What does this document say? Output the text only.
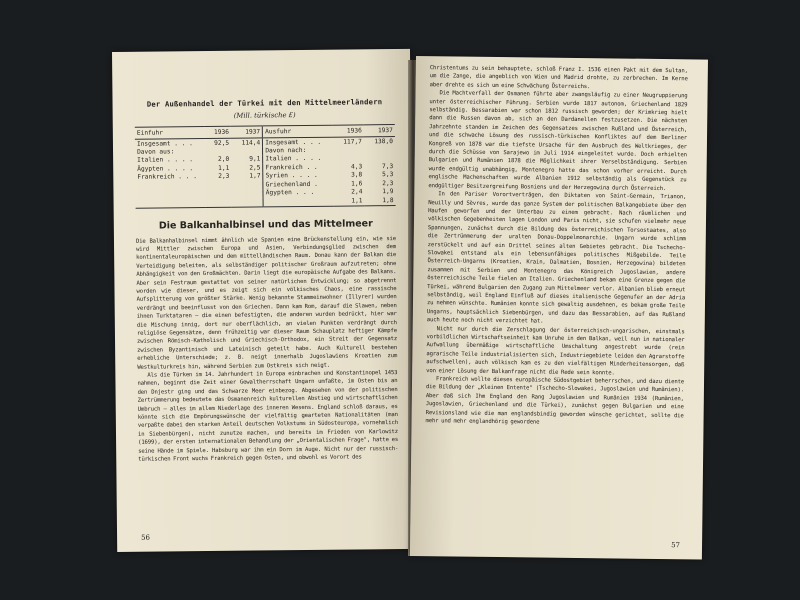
Der Außenhandel der Türkei mit den Mittelmeerländern
(Mill. türkische £)
Einfuhr	1936	1937	Ausfuhr	1936	1937
Insgesamt . . .	92,5	114,4	Insgesamt . . .	117,7	138,0
Davon aus:			Davon nach:		
Italien . . . .	2,0	9,1	Italien . . . .		
Ägypten . . . .	1,1	2,5	Frankreich . .	4,3	7,3
Frankreich . . .	2,3	1,7	Syrien . . . .	3,8	5,3
			Griechenland .	1,6	2,3
			Ägypten . . .	2,4	1,9
				1,1	1,8
Die Balkanhalbinsel und das Mittelmeer

Die Balkanhalbinsel nimmt ähnlich wie Spanien eine Brückenstellung ein, wie sie wird Mittler zwischen Europa und Asien, Verbindungsglied zwischen dem kontinentaleuropäischen und dem mittelländischen Raum. Donau kann der Balkan die Verteidigung beleiten, als selbständiger politischer Großraum aufzutreten; ohne Abhängigkeit von den Großmächten. Darin liegt die europäische Aufgabe des Balkans. Aber sein Festraum gestattet von seiner natürlichen Entwicklung; so abgetrennt worden wie dieser, und es zeigt sich ein völkisches Chaos, eine rassische Aufsplitterung von größter Stärke. Wenig bekannte Stammeinwohner (Illyrer) wurden verdrängt und beeinflusst von den Griechen. Dann kam Rom, darauf die Slawen, neben ihnen Turktataren — die einen befestigten, die anderen wurden bedrückt, hier war die Mischung innig, dort nur oberflächlich, an vielen Punkten verdrängt durch religiöse Gegensätze, denn frühzeitig war dieser Raum Schauplatz heftiger Kämpfe zwischen Römisch-Katholisch und Griechisch-Orthodox, ein Streit der Gegensatz zwischen Byzantinisch und Lateinisch geteilt habe. Auch Kulturell bestehen erhebliche Unterschiede; z. B. neigt innerhalb Jugoslawiens Kroatien zum Westkulturkreis hin, während Serbien zum Ostkreis sich neigt.

Als die Türken im 14. Jahrhundert in Europa einbrachen und Konstantinopel 1453 nahmen, beginnt die Zeit einer Gewaltherrschaft Ungarn umfaßte, im Osten bis an den Dnjestr ging und das Schwarze Meer einbezog. Abgesehen von der politischen Zertrümmerung bedeutete das Osmanenreich kulturellen Abstieg und wirtschaftlichen Umbruch — alles im allem Niederlage des inneren Wesens. England schloß daraus, es könnte sich die Empörungswünsche der vielfältig gearteten Nationalitäten (man verpaßte dabei den starken Anteil deutschen Volkstums in Südosteuropa, vornehmlich in Siebenbürgen), nicht zunutze machen, und bereits im Frieden von Karlowitz (1699), der ersten internationalen Behandlung der „Orientalischen Frage", hatte es seine Hände im Spiele. Habsburg war ihm ein Dorn im Auge. Nicht nur der russisch-türkischen Front wuchs Frankreich gegen Osten, und obwohl es Vorort des

56

Christentums zu sein behauptete, schloß Franz I. 1536 einen Pakt mit dem Sultan, um die Zange, die angeblich von Wien und Madrid drohte, zu zerbrechen. Im Kerne aber drehte es sich um eine Schwächung Österreichs.

Die Machtverfall der Osmanen führte aber zwangsläufig zu einer Neugruppierung unter österreichischer Führung. Serbien wurde 1817 autonom, Griechenland 1829 selbständig. Bessarabien war schon 1812 russisch geworden; der Krimkrieg hielt dann die Russen davon ab, sich an den Dardanellen festzusetzen. Die nächsten Jahrzehnte standen im Zeichen des Gegensatzes zwischen Rußland und Österreich, und die schwache Lösung des russisch-türkischen Konfliktes auf dem Berliner Kongreß von 1878 war die tiefste Ursache für den Ausbruch des Weltkrieges, der durch die Schüsse von Sarajewo im Juli 1914 eingeleitet wurde. Doch erhielten Bulgarien und Rumänien 1878 die Möglichkeit ihrer Verselbständigung. Serbien wurde endgültig unabhängig, Montenegro hatte das schon vorher erreicht. Durch englische Machenschaften wurde Albanien 1912 selbständig als Gegenstück zu endgültiger Besitzergreifung Bosniens und der Herzegowina durch Österreich.

In den Pariser Vorortverträgen, den Diktaten von Saint-Germain, Trianon, Neuilly und Sèvres, wurde das ganze System der politischen Balkangebiete über den Haufen geworfen und der Unterbau zu einem gebracht. Nach räumlichen und völkischen Gegebenheiten lagen London und Paris nicht, sie schufen vielmehr neue Spannungen, zunächst durch die Bildung des österreichischen Torsostaates, also die Zertrümmerung der uralten Donau-Doppelmonarchie. Ungarn wurde schlimm zerstückelt und auf ein Drittel seines alten Gebietes gebracht. Die Tschecho-Slowakei entstand als ein lebensunfähiges politisches Mißgebilde. Teile Österreich-Ungarns (Kroatien, Krain, Dalmatien, Bosnien, Herzegowina) bildeten zusammen mit Serbien und Montenegro das Königreich Jugoslawien, andere österreichische Teile fielen an Italien. Griechenland bekam eine Grenze gegen die Türkei, während Bulgarien den Zugang zum Mittelmeer verlor. Albanien blieb erneut selbständig, weil England Einfluß auf dieses italienische Gegenufer an der Adria zu nehmen wünschte. Rumänien konnte sich gewaltig ausdehnen, es bekam große Teile Ungarns, hauptsächlich Siebenbürgen, und dazu das Bessarabien, auf das Rußland auch heute noch nicht verzichtet hat.

Nicht nur durch die Zerschlagung der österreichisch-ungarischen, einstmals vorbildlichen Wirtschaftseinheit kam Unruhe in den Balkan, weil nun in nationaler Aufwallung übermäßige wirtschaftliche Umschaltung angestrebt wurde (rein agrarische Teile industrialisierten sich, Industriegebiete leiden den Agrarstoffe aufschwellen), auch völkisch kam es zu den vielfältigen Minderheitensorgen, daß von einer Lösung der Balkanfrage nicht die Rede sein konnte.

Frankreich wollte dieses europäische Südostgebiet beherrschen, und dazu diente die Bildung der „Kleinen Entente" (Tschecho-Slowakei, Jugoslawien und Rumänien). Aber daß sich Ihm England den Rang Jugoslawien und Rumänien 1934 (Rumänien, Jugoslawien, Griechenland und die Türkei), zunächst gegen Bulgarien und eine Revisionsland wie die man englandsbindig geworden wünsche gerichtet, sollte die mehr und mehr englandhörig gewordene

57
